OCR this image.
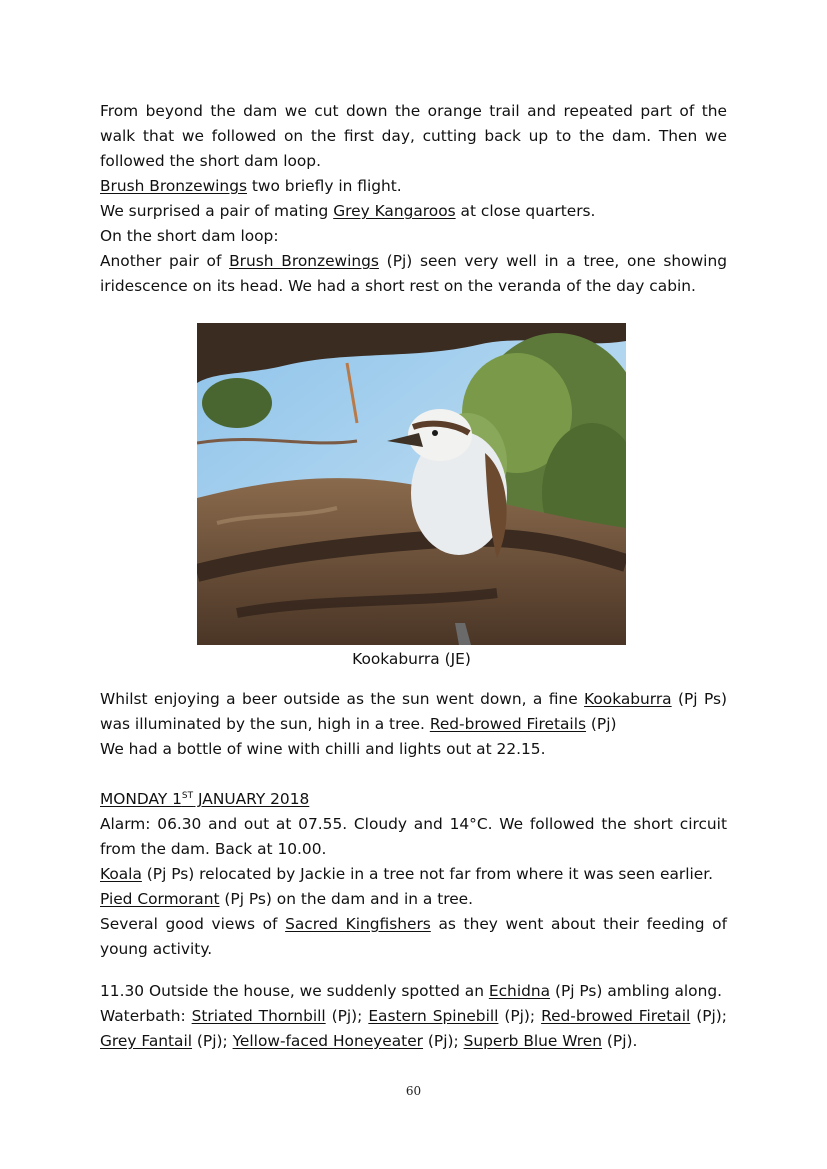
From beyond the dam we cut down the orange trail and repeated part of the walk that we followed on the first day, cutting back up to the dam. Then we followed the short dam loop.

Brush Bronzewings two briefly in flight.

We surprised a pair of mating Grey Kangaroos at close quarters.

On the short dam loop:

Another pair of Brush Bronzewings (Pj) seen very well in a tree, one showing iridescence on its head. We had a short rest on the veranda of the day cabin.

Kookaburra (JE)

Whilst enjoying a beer outside as the sun went down, a fine Kookaburra (Pj Ps) was illuminated by the sun, high in a tree. Red-browed Firetails (Pj)

We had a bottle of wine with chilli and lights out at 22.15.

MONDAY 1ST JANUARY 2018

Alarm: 06.30 and out at 07.55. Cloudy and 14°C. We followed the short circuit from the dam. Back at 10.00.

Koala (Pj Ps) relocated by Jackie in a tree not far from where it was seen earlier.

Pied Cormorant (Pj Ps) on the dam and in a tree.

Several good views of Sacred Kingfishers as they went about their feeding of young activity.

11.30 Outside the house, we suddenly spotted an Echidna (Pj Ps) ambling along.

Waterbath: Striated Thornbill (Pj); Eastern Spinebill (Pj); Red-browed Firetail (Pj); Grey Fantail (Pj); Yellow-faced Honeyeater (Pj); Superb Blue Wren (Pj).

60
